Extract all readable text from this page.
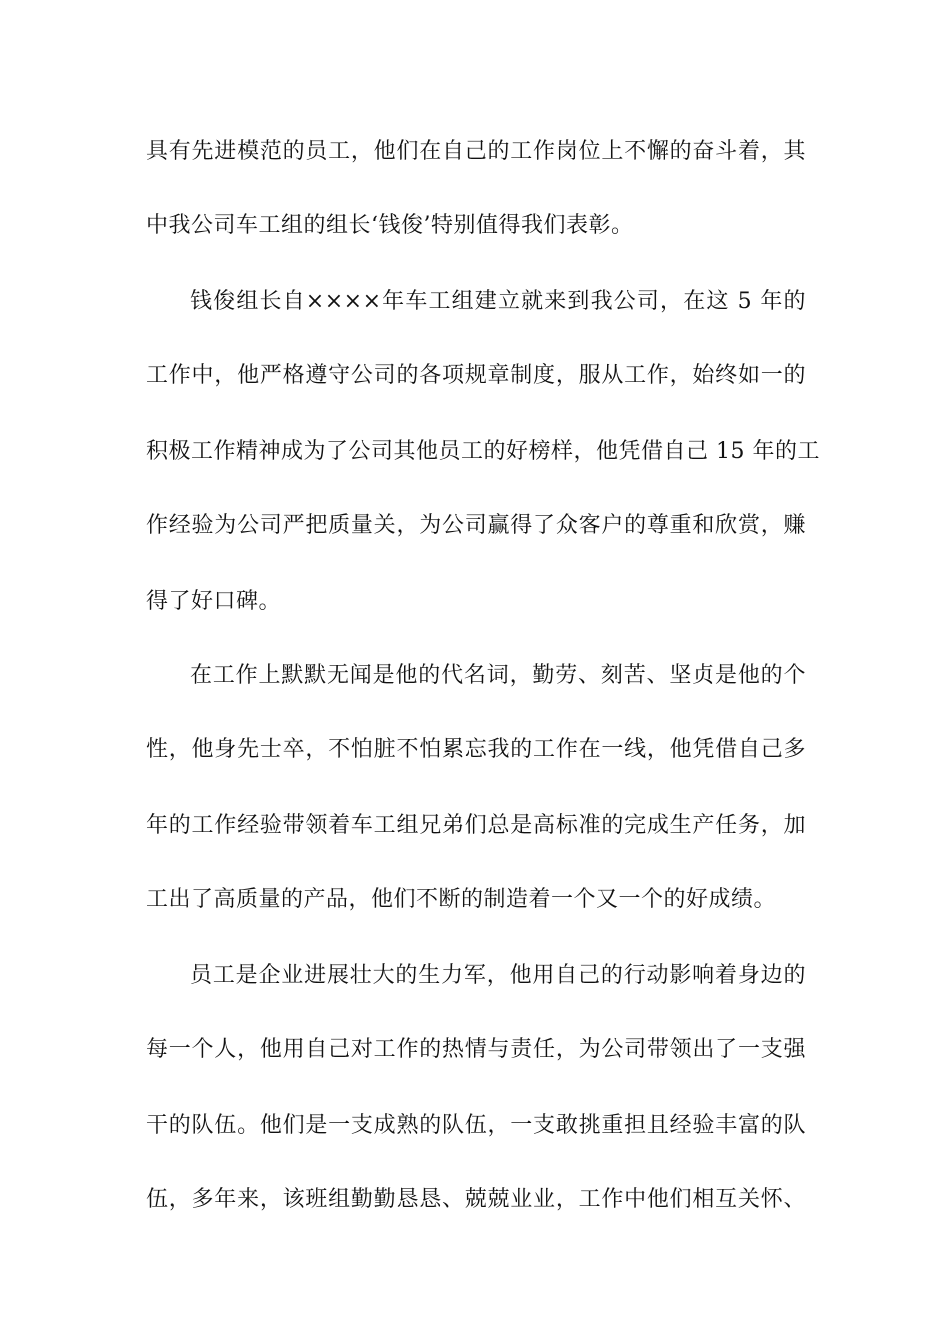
具有先进模范的员工，他们在自己的工作岗位上不懈的奋斗着，其
中我公司车工组的组长‘钱俊’特别值得我们表彰。
钱俊组长自××××年车工组建立就来到我公司，在这 5 年的
工作中，他严格遵守公司的各项规章制度，服从工作，始终如一的
积极工作精神成为了公司其他员工的好榜样，他凭借自己 15 年的工
作经验为公司严把质量关，为公司赢得了众客户的尊重和欣赏，赚
得了好口碑。
在工作上默默无闻是他的代名词，勤劳、刻苦、坚贞是他的个
性，他身先士卒，不怕脏不怕累忘我的工作在一线，他凭借自己多
年的工作经验带领着车工组兄弟们总是高标准的完成生产任务，加
工出了高质量的产品，他们不断的制造着一个又一个的好成绩。
员工是企业进展壮大的生力军，他用自己的行动影响着身边的
每一个人，他用自己对工作的热情与责任，为公司带领出了一支强
干的队伍。他们是一支成熟的队伍，一支敢挑重担且经验丰富的队
伍，多年来，该班组勤勤恳恳、兢兢业业，工作中他们相互关怀、
